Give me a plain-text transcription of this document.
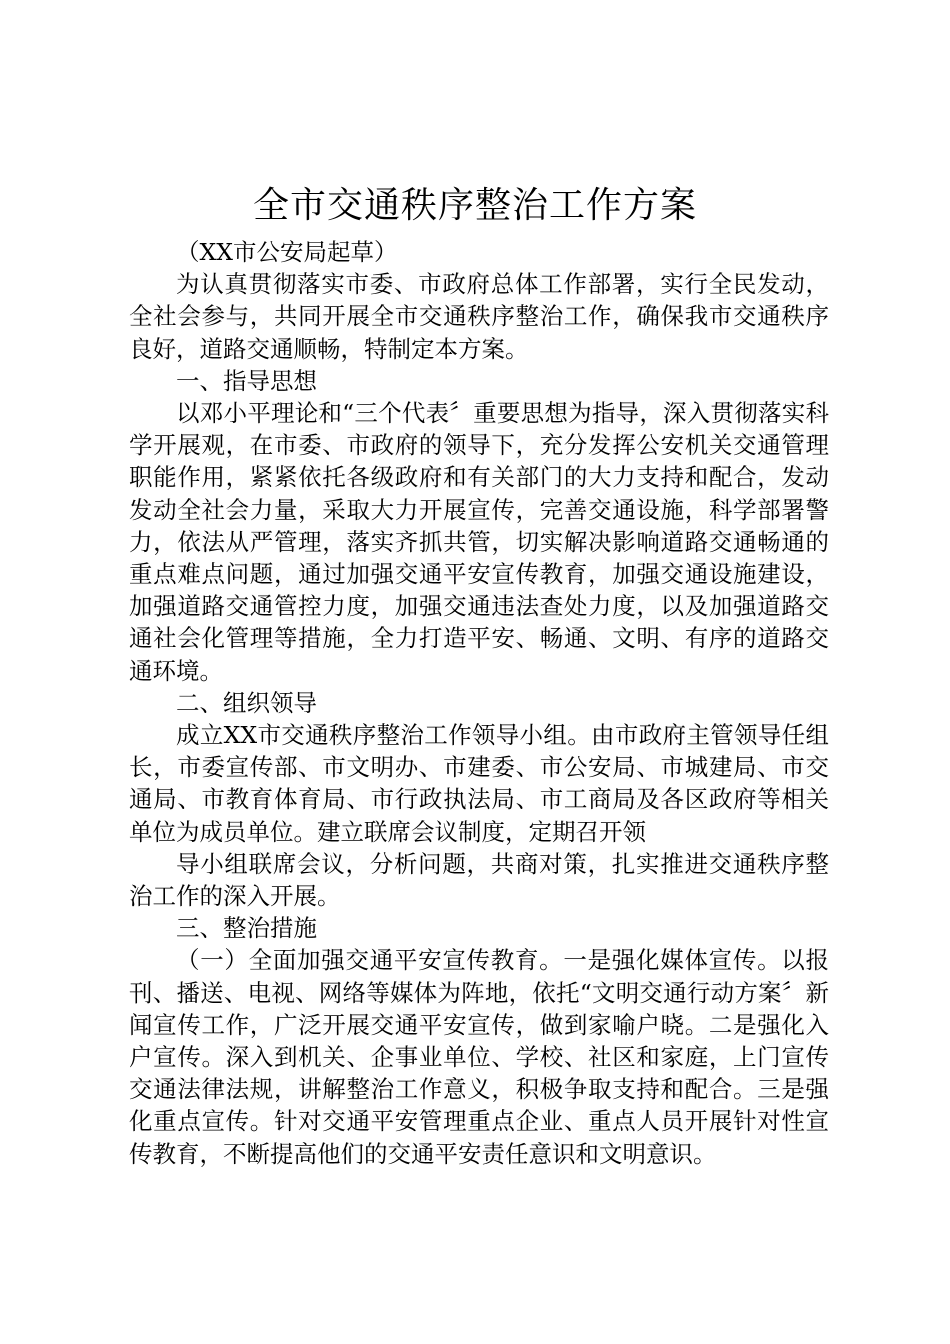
全市交通秩序整治工作方案

（XX市公安局起草）

为认真贯彻落实市委、市政府总体工作部署，实行全民发动，全社会参与，共同开展全市交通秩序整治工作，确保我市交通秩序良好，道路交通顺畅，特制定本方案。

一、指导思想

以邓小平理论和“三个代表〞重要思想为指导，深入贯彻落实科学开展观，在市委、市政府的领导下，充分发挥公安机关交通管理职能作用，紧紧依托各级政府和有关部门的大力支持和配合，发动发动全社会力量，采取大力开展宣传，完善交通设施，科学部署警力，依法从严管理，落实齐抓共管，切实解决影响道路交通畅通的重点难点问题，通过加强交通平安宣传教育，加强交通设施建设，加强道路交通管控力度，加强交通违法查处力度，以及加强道路交通社会化管理等措施，全力打造平安、畅通、文明、有序的道路交通环境。

二、组织领导

成立XX市交通秩序整治工作领导小组。由市政府主管领导任组长，市委宣传部、市文明办、市建委、市公安局、市城建局、市交通局、市教育体育局、市行政执法局、市工商局及各区政府等相关单位为成员单位。建立联席会议制度，定期召开领

导小组联席会议，分析问题，共商对策，扎实推进交通秩序整治工作的深入开展。

三、整治措施

（一）全面加强交通平安宣传教育。一是强化媒体宣传。以报刊、播送、电视、网络等媒体为阵地，依托“文明交通行动方案〞新闻宣传工作，广泛开展交通平安宣传，做到家喻户晓。二是强化入户宣传。深入到机关、企事业单位、学校、社区和家庭，上门宣传交通法律法规，讲解整治工作意义，积极争取支持和配合。三是强化重点宣传。针对交通平安管理重点企业、重点人员开展针对性宣传教育，不断提高他们的交通平安责任意识和文明意识。
